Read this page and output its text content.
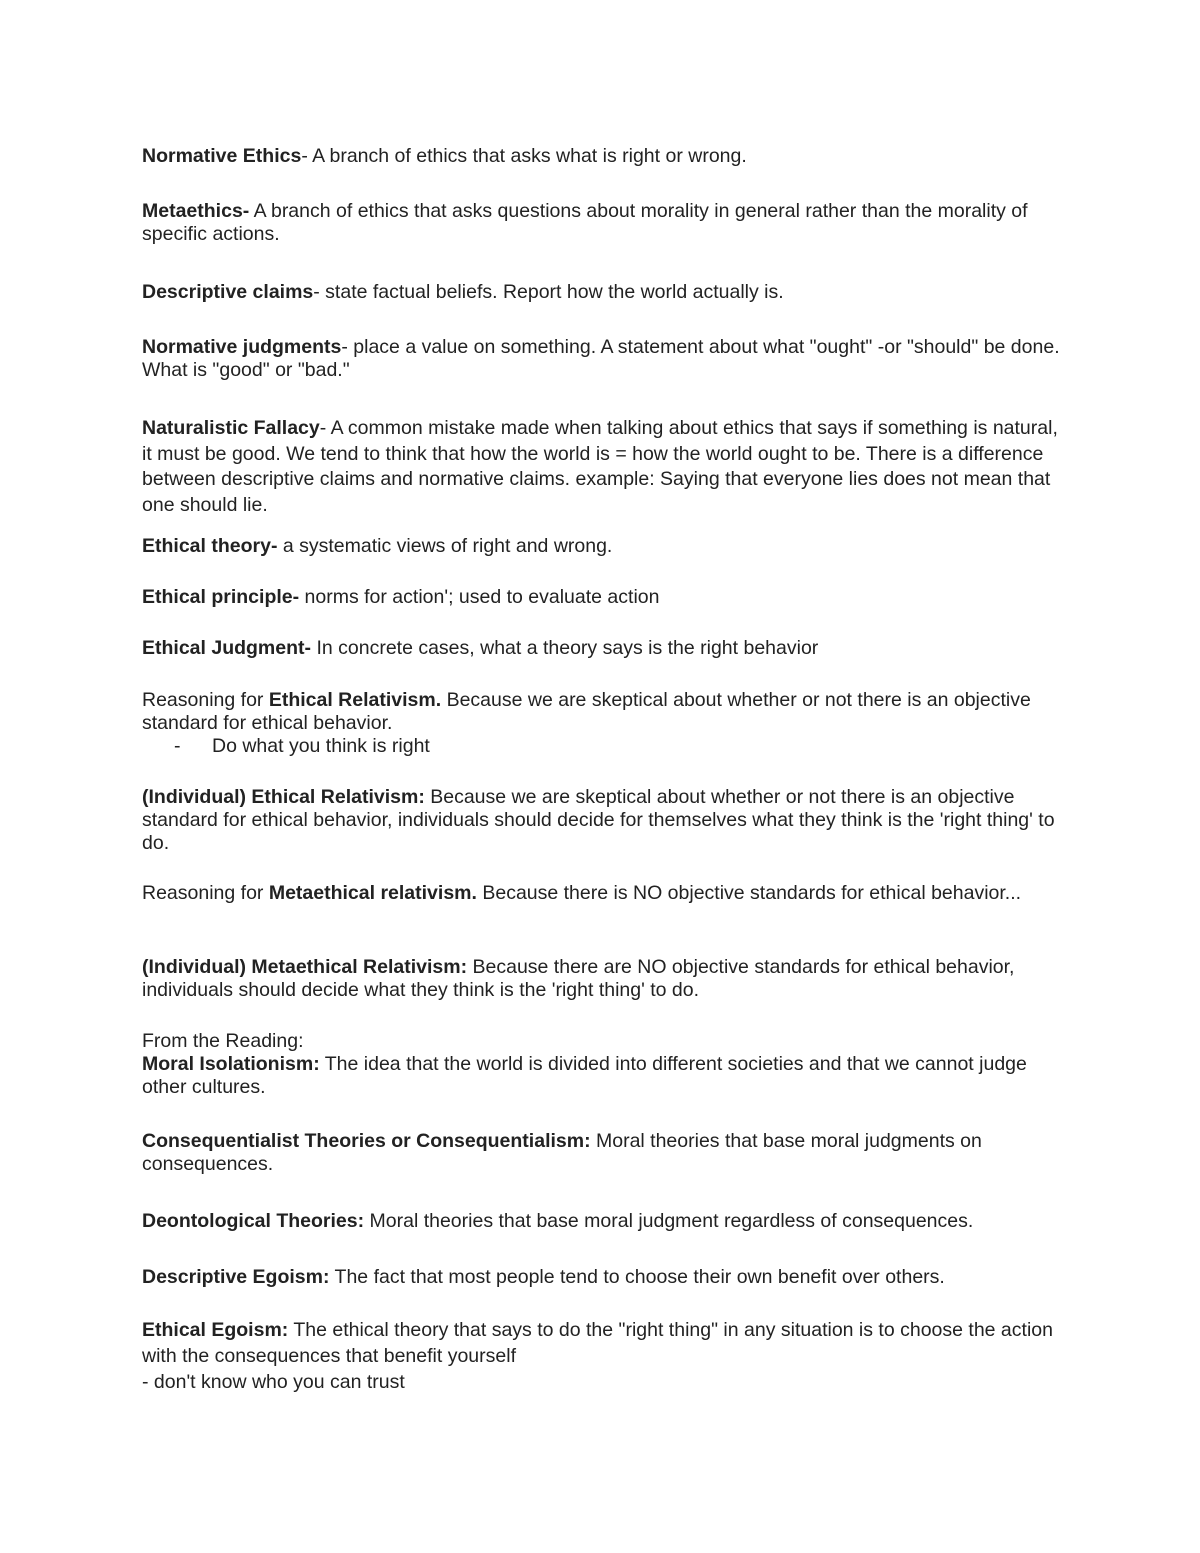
Normative Ethics- A branch of ethics that asks what is right or wrong.

Metaethics- A branch of ethics that asks questions about morality in general rather than the morality of specific actions.

Descriptive claims- state factual beliefs. Report how the world actually is.

Normative judgments- place a value on something. A statement about what "ought" -or "should" be done. What is "good" or "bad."

Naturalistic Fallacy- A common mistake made when talking about ethics that says if something is natural, it must be good. We tend to think that how the world is = how the world ought to be. There is a difference between descriptive claims and normative claims. example: Saying that everyone lies does not mean that one should lie.

Ethical theory- a systematic views of right and wrong.

Ethical principle- norms for action'; used to evaluate action

Ethical Judgment- In concrete cases, what a theory says is the right behavior

Reasoning for Ethical Relativism. Because we are skeptical about whether or not there is an objective standard for ethical behavior.
- Do what you think is right

(Individual) Ethical Relativism: Because we are skeptical about whether or not there is an objective standard for ethical behavior, individuals should decide for themselves what they think is the 'right thing' to do.

Reasoning for Metaethical relativism. Because there is NO objective standards for ethical behavior...

(Individual) Metaethical Relativism: Because there are NO objective standards for ethical behavior, individuals should decide what they think is the 'right thing' to do.

From the Reading:
Moral Isolationism: The idea that the world is divided into different societies and that we cannot judge other cultures.

Consequentialist Theories or Consequentialism: Moral theories that base moral judgments on consequences.

Deontological Theories: Moral theories that base moral judgment regardless of consequences.

Descriptive Egoism: The fact that most people tend to choose their own benefit over others.

Ethical Egoism: The ethical theory that says to do the "right thing" in any situation is to choose the action with the consequences that benefit yourself
- don't know who you can trust
